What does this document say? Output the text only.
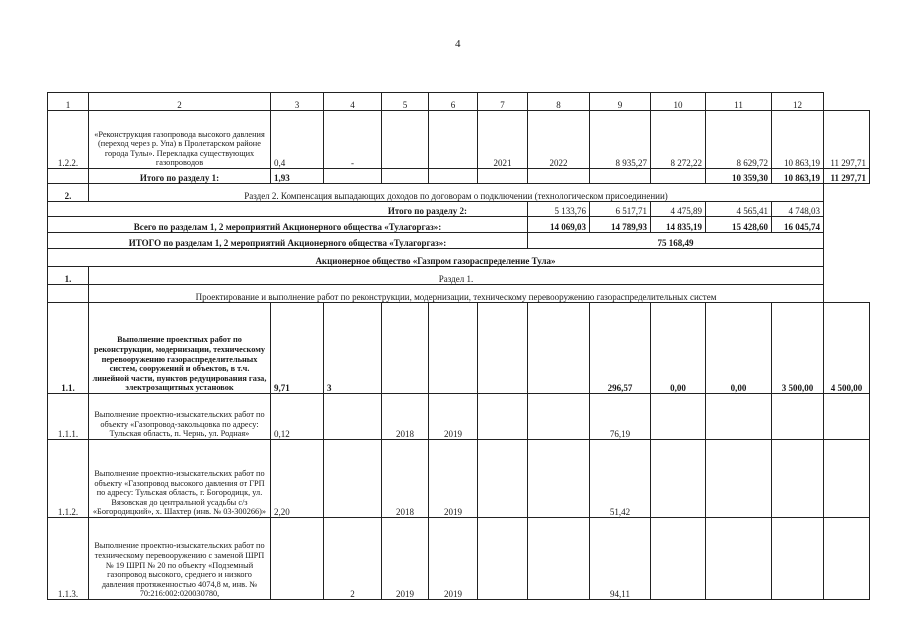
4
1	2	3	4	5	6	7	8	9	10	11	12	
1.2.2.	«Реконструкция газопровода высокого давления (переход через р. Упа) в Пролетарском районе города Тулы». Перекладка существующих газопроводов	0,4	-			2021	2022	8 935,27	8 272,22	8 629,72	10 863,19	11 297,71
	Итого по разделу 1:	1,93								10 359,30	10 863,19	11 297,71
2.	Раздел 2. Компенсация выпадающих доходов по договорам о подключении (технологическом присоединении)											
Итого по разделу 2:							5 133,76	6 517,71	4 475,89	4 565,41	4 748,03	
Всего по разделам 1, 2 мероприятий Акционерного общества «Тулагоргаз»:							14 069,03	14 789,93	14 835,19	15 428,60	16 045,74	
ИТОГО по разделам 1, 2 мероприятий Акционерного общества «Тулагоргаз»:							75 168,49					
Акционерное общество «Газпром газораспределение Тула»												
1.	Раздел 1.											
	Проектирование и выполнение работ по реконструкции, модернизации, техническому перевооружению газораспределительных систем											
1.1.	Выполнение проектных работ по реконструкции, модернизации, техническому перевооружению газораспределительных систем, сооружений и объектов, в т.ч. линейной части, пунктов редуцирования газа, электрозащитных установок	9,71	3					296,57	0,00	0,00	3 500,00	4 500,00
1.1.1.	Выполнение проектно-изыскательских работ по объекту «Газопровод-закольцовка по адресу: Тульская область, п. Чернь, ул. Родная»	0,12		2018	2019			76,19				
1.1.2.	Выполнение проектно-изыскательских работ по объекту «Газопровод высокого давления от ГРП по адресу: Тульская область, г. Богородицк, ул. Вязовская до центральной усадьбы с/з «Богородицкий», х. Шахтер (инв. № 03-300266)»	2,20		2018	2019			51,42				
1.1.3.	Выполнение проектно-изыскательских работ по техническому перевооружению с заменой ШРП № 19 ШРП № 20 по объекту «Подземный газопровод высокого, среднего и низкого давления протяженностью 4074,8 м, инв. № 70:216:002:020030780,		2	2019	2019			94,11				
